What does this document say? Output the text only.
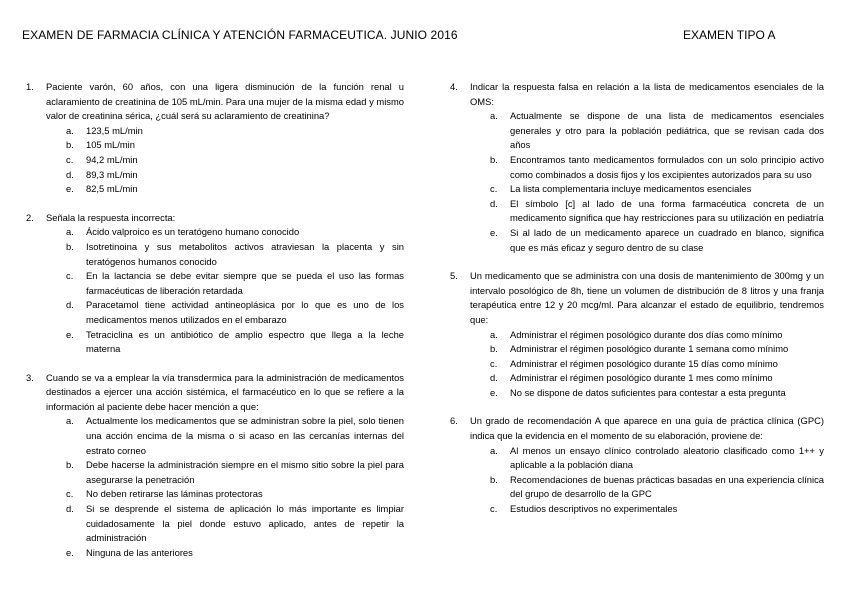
EXAMEN DE FARMACIA CLÍNICA Y ATENCIÓN FARMACEUTICA. JUNIO 2016	EXAMEN TIPO A
1.	Paciente varón, 60 años, con una ligera disminución de la función renal u aclaramiento de creatinina de 105 mL/min. Para una mujer de la misma edad y mismo valor de creatinina sérica, ¿cuál será su aclaramiento de creatinina?
a.	123,5 mL/min
b.	105 mL/min
c.	94,2 mL/min
d.	89,3 mL/min
e.	82,5 mL/min
2.	Señala la respuesta incorrecta:
a.	Ácido valproico es un teratógeno humano conocido
b.	Isotretinoina y sus metabolitos activos atraviesan la placenta y sin teratógenos humanos conocido
c.	En la lactancia se debe evitar siempre que se pueda el uso las formas farmacéuticas de liberación retardada
d.	Paracetamol tiene actividad antineoplásica por lo que es uno de los medicamentos menos utilizados en el embarazo
e.	Tetraciclina es un antibiótico de amplio espectro que llega a la leche materna
3.	Cuando se va a emplear la vía transdermica para la administración de medicamentos destinados a ejercer una acción sistémica, el farmacéutico en lo que se refiere a la información al paciente debe hacer mención a que:
a.	Actualmente los medicamentos que se administran sobre la piel, solo tienen una acción encima de la misma o si acaso en las cercanías internas del estrato corneo
b.	Debe hacerse la administración siempre en el mismo sitio sobre la piel para asegurarse la penetración
c.	No deben retirarse las láminas protectoras
d.	Si se desprende el sistema de aplicación lo más importante es limpiar cuidadosamente la piel donde estuvo aplicado, antes de repetir la administración
e.	Ninguna de las anteriores
4.	Indicar la respuesta falsa en relación a la lista de medicamentos esenciales de la OMS:
a.	Actualmente se dispone de una lista de medicamentos esenciales generales y otro para la población pediátrica, que se revisan cada dos años
b.	Encontramos tanto medicamentos formulados con un solo principio activo como combinados a dosis fijos y los excipientes autorizados para su uso
c.	La lista complementaria incluye medicamentos esenciales
d.	El símbolo [c] al lado de una forma farmacéutica concreta de un medicamento significa que hay restricciones para su utilización en pediatría
e.	Si al lado de un medicamento aparece un cuadrado en blanco, significa que es más eficaz y seguro dentro de su clase
5.	Un medicamento que se administra con una dosis de mantenimiento de 300mg y un intervalo posológico de 8h, tiene un volumen de distribución de 8 litros y una franja terapéutica entre 12 y 20 mcg/ml. Para alcanzar el estado de equilibrio, tendremos que:
a.	Administrar el régimen posológico durante dos días como mínimo
b.	Administrar el régimen posológico durante 1 semana como mínimo
c.	Administrar el régimen posológico durante 15 días como mínimo
d.	Administrar el régimen posológico durante 1 mes como mínimo
e.	No se dispone de datos suficientes para contestar a esta pregunta
6.	Un grado de recomendación A que aparece en una guía de práctica clínica (GPC) indica que la evidencia en el momento de su elaboración, proviene de:
a.	Al menos un ensayo clínico controlado aleatorio clasificado como 1++ y aplicable a la población diana
b.	Recomendaciones de buenas prácticas basadas en una experiencia clínica del grupo de desarrollo de la GPC
c.	Estudios descriptivos no experimentales
